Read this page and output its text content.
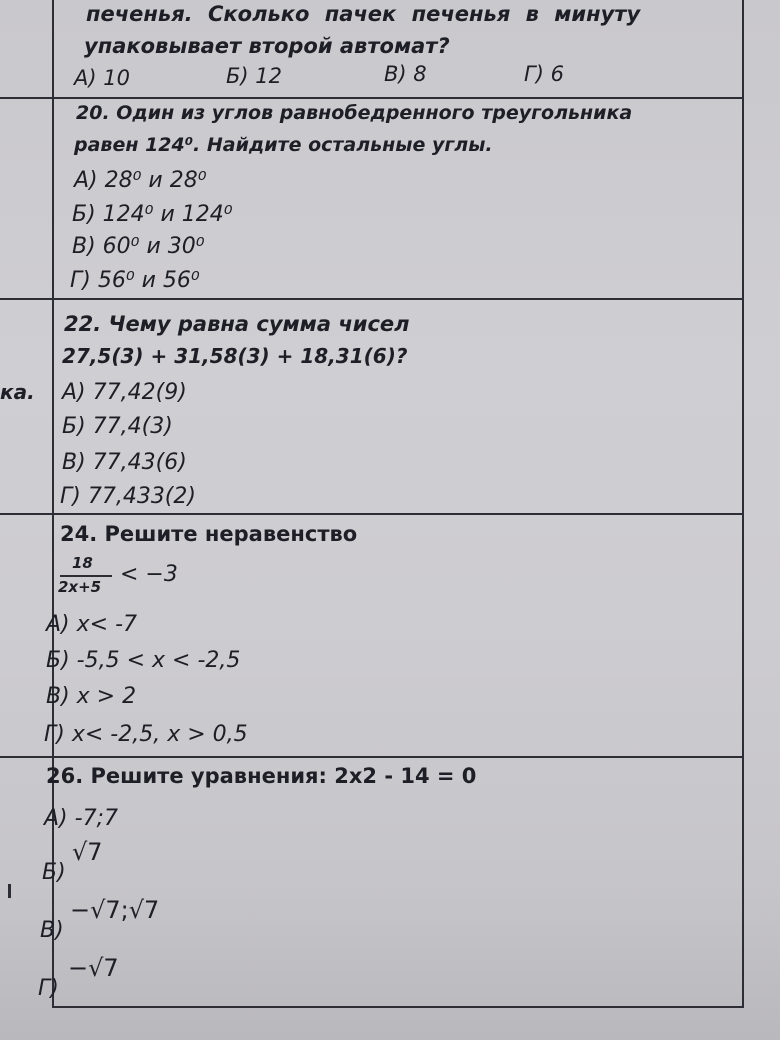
печенья. Сколько пачек печенья в минуту
упаковывает второй автомат?
А) 10	Б) 12	В) 8	Г) 6
20. Один из углов равнобедренного треугольника
равен 124⁰. Найдите остальные углы.
А) 28⁰ и 28⁰
Б) 124⁰ и 124⁰
В) 60⁰ и 30⁰
Г) 56⁰ и 56⁰
22. Чему равна сумма чисел
27,5(3) + 31,58(3) + 18,31(6)?
ка. А) 77,42(9)
Б) 77,4(3)
В) 77,43(6)
Г) 77,433(2)
24. Решите неравенство
18
2x+5 < −3
А) x< -7
Б) -5,5 < x < -2,5
В) x > 2
Г) x< -2,5, x > 0,5
26. Решите уравнения: 2x2 - 14 = 0
А) -7;7
Б)
√7
В)
−√7;√7
Г)
−√7
